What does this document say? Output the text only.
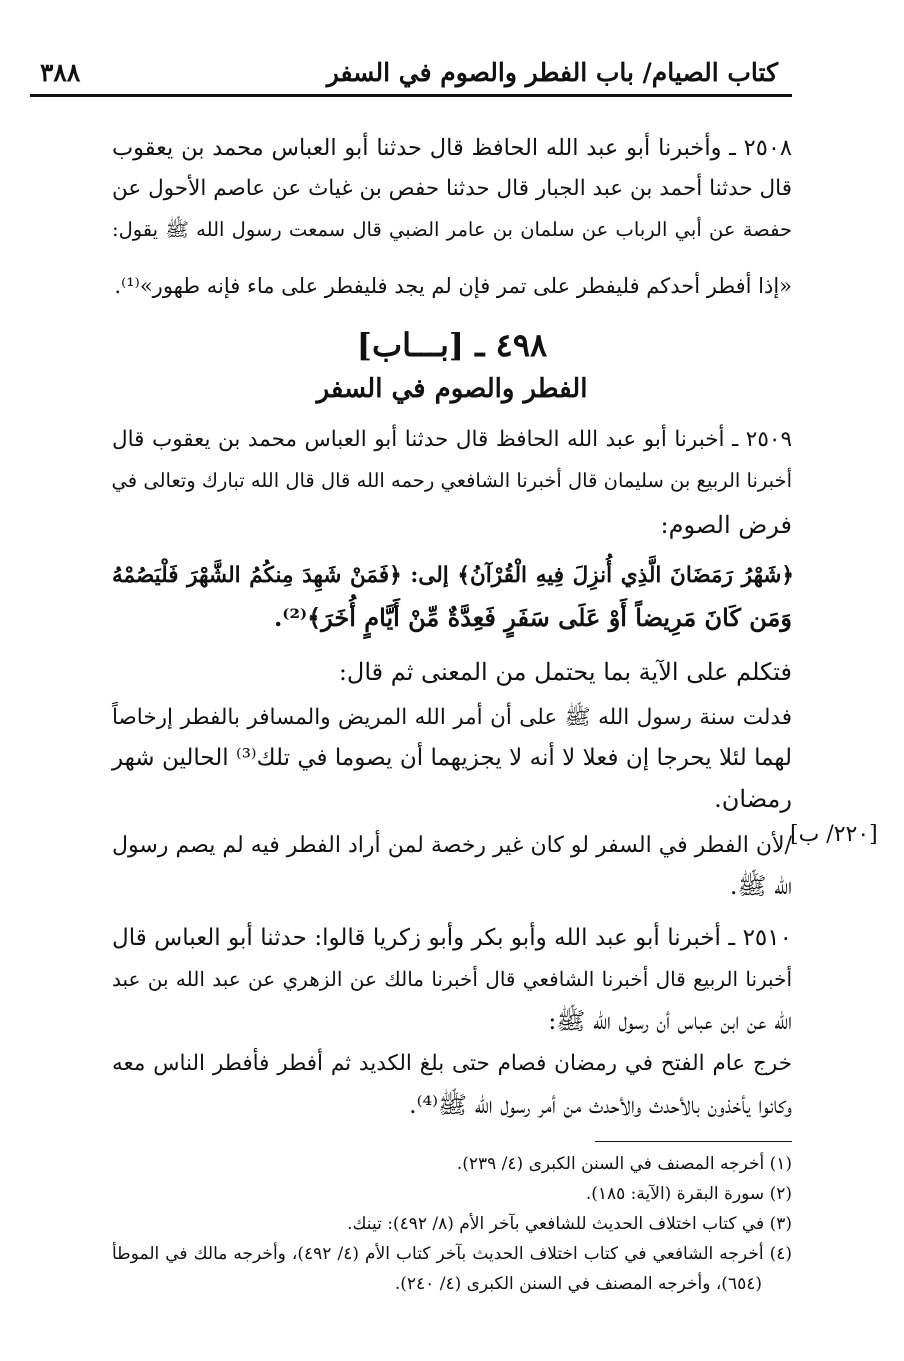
كتاب الصيام/ باب الفطر والصوم في السفر
٣٨٨
٢٥٠٨ ـ وأخبرنا أبو عبد الله الحافظ قال حدثنا أبو العباس محمد بن يعقوب
قال حدثنا أحمد بن عبد الجبار قال حدثنا حفص بن غياث عن عاصم الأحول عن
حفصة عن أبي الرباب عن سلمان بن عامر الضبي قال سمعت رسول الله ﷺ يقول:
«إذا أفطر أحدكم فليفطر على تمر فإن لم يجد فليفطر على ماء فإنه طهور»⁽¹⁾.
٤٩٨ ـ [بـــاب]
الفطر والصوم في السفر
٢٥٠٩ ـ أخبرنا أبو عبد الله الحافظ قال حدثنا أبو العباس محمد بن يعقوب قال
أخبرنا الربيع بن سليمان قال أخبرنا الشافعي رحمه الله قال قال الله تبارك وتعالى في
فرض الصوم:
﴿شَهْرُ رَمَضَانَ الَّذِي أُنزِلَ فِيهِ الْقُرْآنُ﴾ إلى: ﴿فَمَنْ شَهِدَ مِنكُمُ الشَّهْرَ فَلْيَصُمْهُ
وَمَن كَانَ مَرِيضاً أَوْ عَلَى سَفَرٍ فَعِدَّةٌ مِّنْ أَيَّامٍ أُخَرَ﴾⁽²⁾.
فتكلم على الآية بما يحتمل من المعنى ثم قال:
فدلت سنة رسول الله ﷺ على أن أمر الله المريض والمسافر بالفطر إرخاصاً
لهما لئلا يحرجا إن فعلا لا أنه لا يجزيهما أن يصوما في تلك⁽³⁾ الحالين شهر
رمضان.
/لأن الفطر في السفر لو كان غير رخصة لمن أراد الفطر فيه لم يصم رسول
الله ﷺ.
[٢٢٠/ ب]
٢٥١٠ ـ أخبرنا أبو عبد الله وأبو بكر وأبو زكريا قالوا: حدثنا أبو العباس قال
أخبرنا الربيع قال أخبرنا الشافعي قال أخبرنا مالك عن الزهري عن عبد الله بن عبد
الله عن ابن عباس أن رسول الله ﷺ:
خرج عام الفتح في رمضان فصام حتى بلغ الكديد ثم أفطر فأفطر الناس معه
وكانوا يأخذون بالأحدث والأحدث من أمر رسول الله ﷺ⁽⁴⁾.
(١) أخرجه المصنف في السنن الكبرى (٤/ ٢٣٩).
(٢) سورة البقرة (الآية: ١٨٥).
(٣) في كتاب اختلاف الحديث للشافعي بآخر الأم (٨/ ٤٩٢): تينك.
(٤) أخرجه الشافعي في كتاب اختلاف الحديث بآخر كتاب الأم (٤/ ٤٩٢)، وأخرجه مالك في الموطأ
(٦٥٤)، وأخرجه المصنف في السنن الكبرى (٤/ ٢٤٠).
